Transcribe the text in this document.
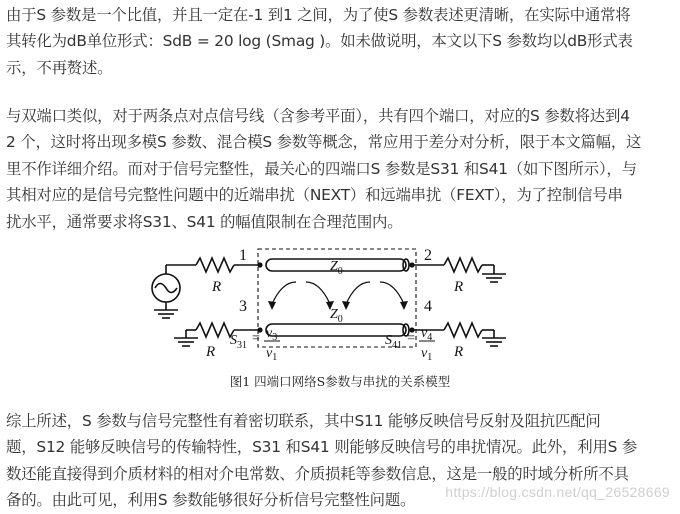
由于S 参数是一个比值，并且一定在-1 到1 之间，为了使S 参数表述更清晰，在实际中通常将
其转化为dB单位形式：SdB = 20 log (Smag )。如未做说明，本文以下S 参数均以dB形式表
示，不再赘述。
与双端口类似，对于两条点对点信号线（含参考平面），共有四个端口，对应的S 参数将达到4
2 个，这时将出现多模S 参数、混合模S 参数等概念，常应用于差分对分析，限于本文篇幅，这
里不作详细介绍。而对于信号完整性，最关心的四端口S 参数是S31 和S41（如下图所示），与
其相对应的是信号完整性问题中的近端串扰（NEXT）和远端串扰（FEXT），为了控制信号串
扰水平，通常要求将S31、S41 的幅值限制在合理范围内。
1	2
3	4
R	R
R	R
$Z_0$
$Z_0$
$S_{31} = v_3$
$v_1$
$S_{41} = v_4$
$v_1$
图1 四端口网络S参数与串扰的关系模型
综上所述，S 参数与信号完整性有着密切联系，其中S11 能够反映信号反射及阻抗匹配问
题，S12 能够反映信号的传输特性，S31 和S41 则能够反映信号的串扰情况。此外，利用S 参
数还能直接得到介质材料的相对介电常数、介质损耗等参数信息，这是一般的时域分析所不具
备的。由此可见，利用S 参数能够很好分析信号完整性问题。	https://blog.csdn.net/qq_26528669
